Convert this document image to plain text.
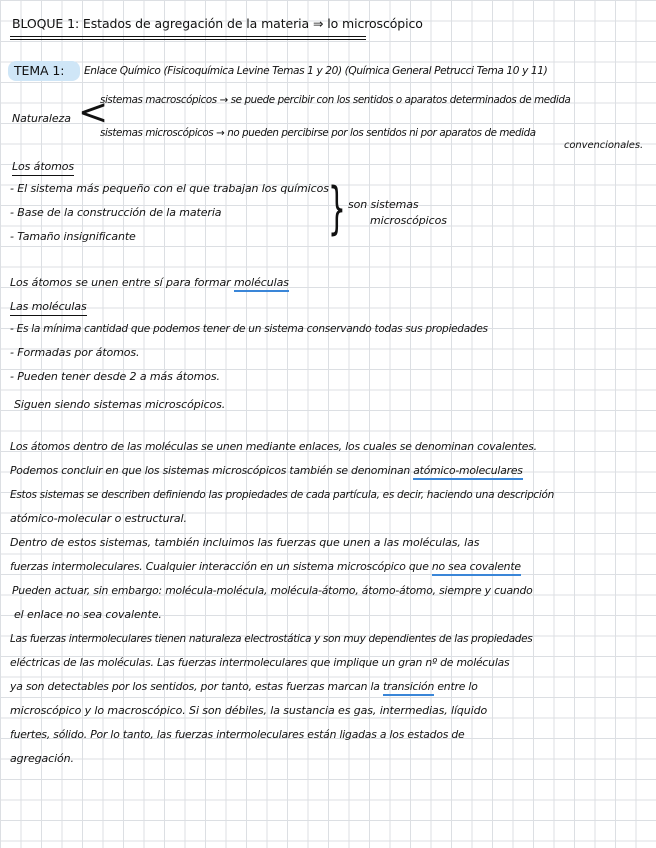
BLOQUE 1: Estados de agregación de la materia ⇒ lo microscópico
TEMA 1: Enlace Químico (Fisicoquímica Levine Temas 1 y 20) (Química General Petrucci Tema 10 y 11)
Naturaleza <
sistemas macroscópicos → se puede percibir con los sentidos o aparatos determinados de medida
sistemas microscópicos → no pueden percibirse por los sentidos ni por aparatos de medida
convencionales.
Los átomos
- El sistema más pequeño con el que trabajan los químicos
- Base de la construcción de la materia
- Tamaño insignificante	} son sistemas
microscópicos
Los átomos se unen entre sí para formar moléculas
Las moléculas
- Es la mínima cantidad que podemos tener de un sistema conservando todas sus propiedades
- Formadas por átomos.
- Pueden tener desde 2 a más átomos.
Siguen siendo sistemas microscópicos.
Los átomos dentro de las moléculas se unen mediante enlaces, los cuales se denominan covalentes.
Podemos concluir en que los sistemas microscópicos también se denominan atómico-moleculares
Estos sistemas se describen definiendo las propiedades de cada partícula, es decir, haciendo una descripción
atómico-molecular o estructural.
Dentro de estos sistemas, también incluimos las fuerzas que unen a las moléculas, las
fuerzas intermoleculares. Cualquier interacción en un sistema microscópico que no sea covalente
Pueden actuar, sin embargo: molécula-molécula, molécula-átomo, átomo-átomo, siempre y cuando
el enlace no sea covalente.
Las fuerzas intermoleculares tienen naturaleza electrostática y son muy dependientes de las propiedades
eléctricas de las moléculas. Las fuerzas intermoleculares que implique un gran nº de moléculas
ya son detectables por los sentidos, por tanto, estas fuerzas marcan la transición entre lo
microscópico y lo macroscópico. Si son débiles, la sustancia es gas, intermedias, líquido
fuertes, sólido. Por lo tanto, las fuerzas intermoleculares están ligadas a los estados de
agregación.
